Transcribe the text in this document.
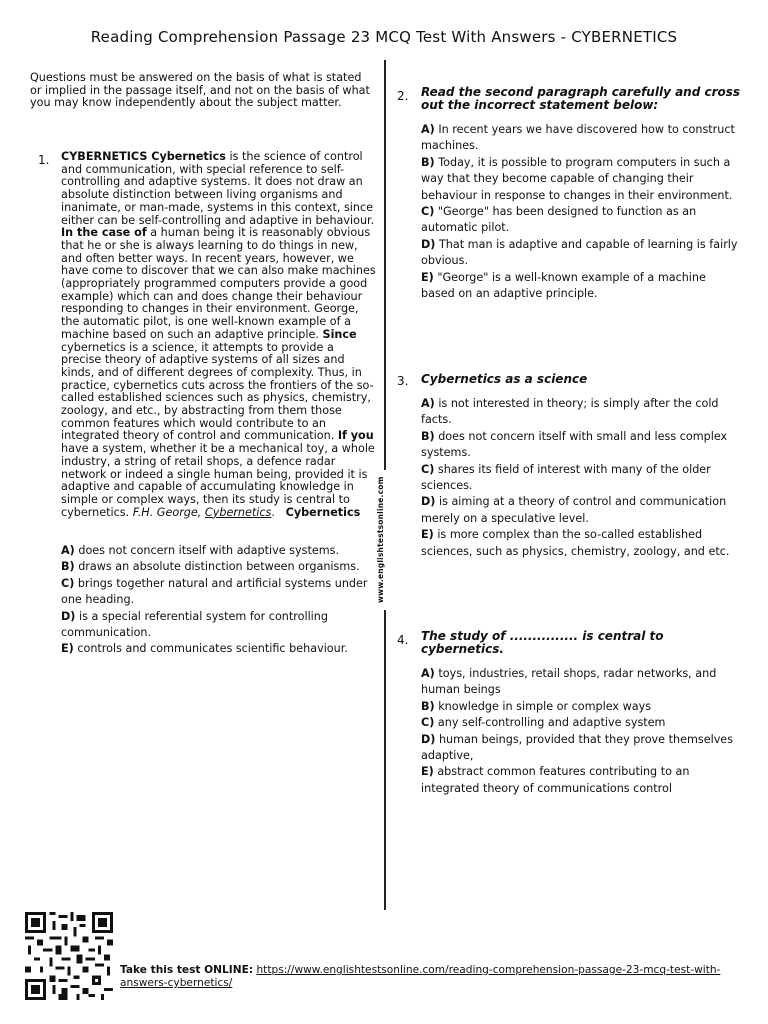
Reading Comprehension Passage 23 MCQ Test With Answers - CYBERNETICS
www.englishtestsonline.com
Questions must be answered on the basis of what is stated or implied in the passage itself, and not on the basis of what you may know independently about the subject matter.
1. CYBERNETICS Cybernetics is the science of control and communication, with special reference to self-controlling and adaptive systems. It does not draw an absolute distinction between living organisms and inanimate, or man-made, systems in this context, since either can be self-controlling and adaptive in behaviour. In the case of a human being it is reasonably obvious that he or she is always learning to do things in new, and often better ways. In recent years, however, we have come to discover that we can also make machines (appropriately programmed computers provide a good example) which can and does change their behaviour responding to changes in their environment. George, the automatic pilot, is one well-known example of a machine based on such an adaptive principle. Since cybernetics is a science, it attempts to provide a precise theory of adaptive systems of all sizes and kinds, and of different degrees of complexity. Thus, in practice, cybernetics cuts across the frontiers of the so-called established sciences such as physics, chemistry, zoology, and etc., by abstracting from them those common features which would contribute to an integrated theory of control and communication. If you have a system, whether it be a mechanical toy, a whole industry, a string of retail shops, a defence radar network or indeed a single human being, provided it is adaptive and capable of accumulating knowledge in simple or complex ways, then its study is central to cybernetics. F.H. George, Cybernetics. Cybernetics
A) does not concern itself with adaptive systems.
B) draws an absolute distinction between organisms.
C) brings together natural and artificial systems under one heading.
D) is a special referential system for controlling communication.
E) controls and communicates scientific behaviour.
2. Read the second paragraph carefully and cross out the incorrect statement below:
A) In recent years we have discovered how to construct machines.
B) Today, it is possible to program computers in such a way that they become capable of changing their behaviour in response to changes in their environment.
C) "George" has been designed to function as an automatic pilot.
D) That man is adaptive and capable of learning is fairly obvious.
E) "George" is a well-known example of a machine based on an adaptive principle.
3. Cybernetics as a science
A) is not interested in theory; is simply after the cold facts.
B) does not concern itself with small and less complex systems.
C) shares its field of interest with many of the older sciences.
D) is aiming at a theory of control and communication merely on a speculative level.
E) is more complex than the so-called established sciences, such as physics, chemistry, zoology, and etc.
4. The study of ............... is central to cybernetics.
A) toys, industries, retail shops, radar networks, and human beings
B) knowledge in simple or complex ways
C) any self-controlling and adaptive system
D) human beings, provided that they prove themselves adaptive,
E) abstract common features contributing to an integrated theory of communications control
Take this test ONLINE: https://www.englishtestsonline.com/reading-comprehension-passage-23-mcq-test-with-answers-cybernetics/
